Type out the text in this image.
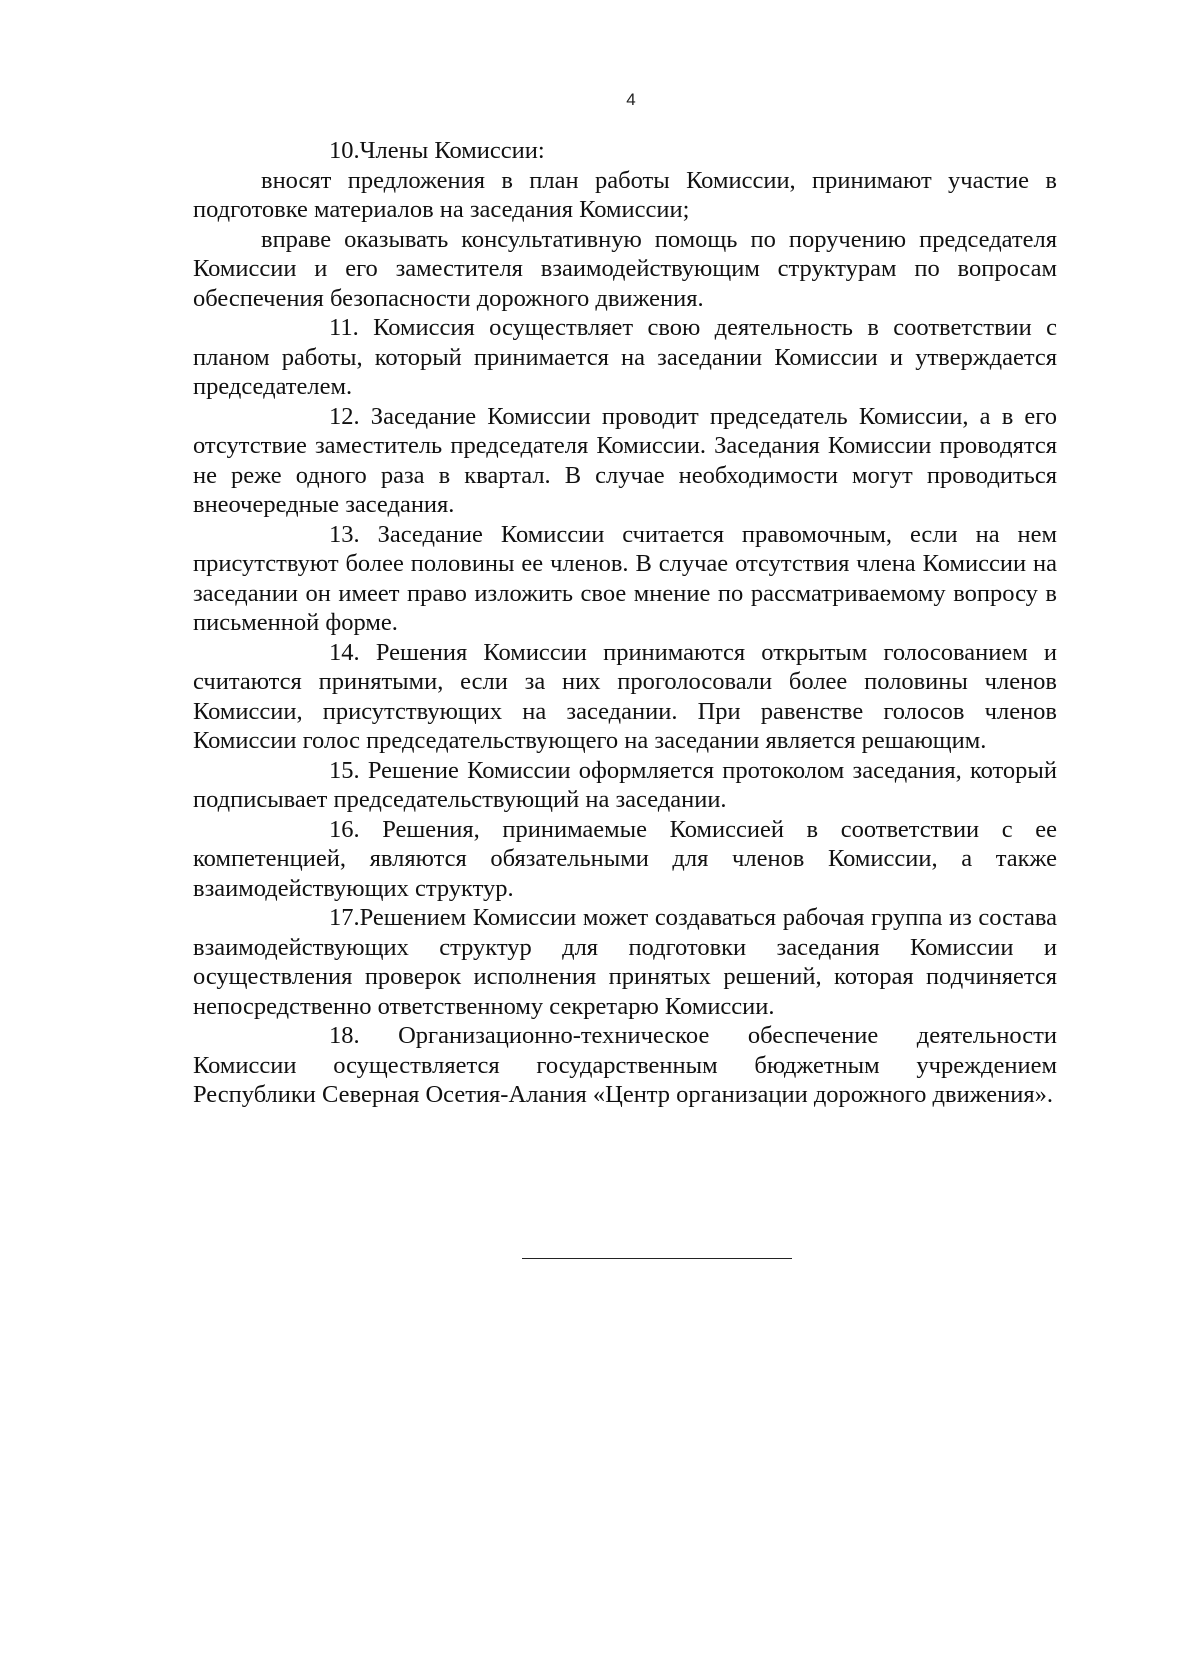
4

10.Члены Комиссии:

вносят предложения в план работы Комиссии, принимают участие в подготовке материалов на заседания Комиссии;

вправе оказывать консультативную помощь по поручению председателя Комиссии и его заместителя взаимодействующим структурам по вопросам обеспечения безопасности дорожного движения.

11. Комиссия осуществляет свою деятельность в соответствии с планом работы, который принимается на заседании Комиссии и утверждается председателем.

12. Заседание Комиссии проводит председатель Комиссии, а в его отсутствие заместитель председателя Комиссии. Заседания Комиссии проводятся не реже одного раза в квартал. В случае необходимости могут проводиться внеочередные заседания.

13. Заседание Комиссии считается правомочным, если на нем присутствуют более половины ее членов. В случае отсутствия члена Комиссии на заседании он имеет право изложить свое мнение по рассматриваемому вопросу в письменной форме.

14. Решения Комиссии принимаются открытым голосованием и считаются принятыми, если за них проголосовали более половины членов Комиссии, присутствующих на заседании. При равенстве голосов членов Комиссии голос председательствующего на заседании является решающим.

15. Решение Комиссии оформляется протоколом заседания, который подписывает председательствующий на заседании.

16. Решения, принимаемые Комиссией в соответствии с ее компетенцией, являются обязательными для членов Комиссии, а также взаимодействующих структур.

17.Решением Комиссии может создаваться рабочая группа из состава взаимодействующих структур для подготовки заседания Комиссии и осуществления проверок исполнения принятых решений, которая подчиняется непосредственно ответственному секретарю Комиссии.

18. Организационно-техническое обеспечение деятельности Комиссии осуществляется государственным бюджетным учреждением Республики Северная Осетия-Алания «Центр организации дорожного движения».
